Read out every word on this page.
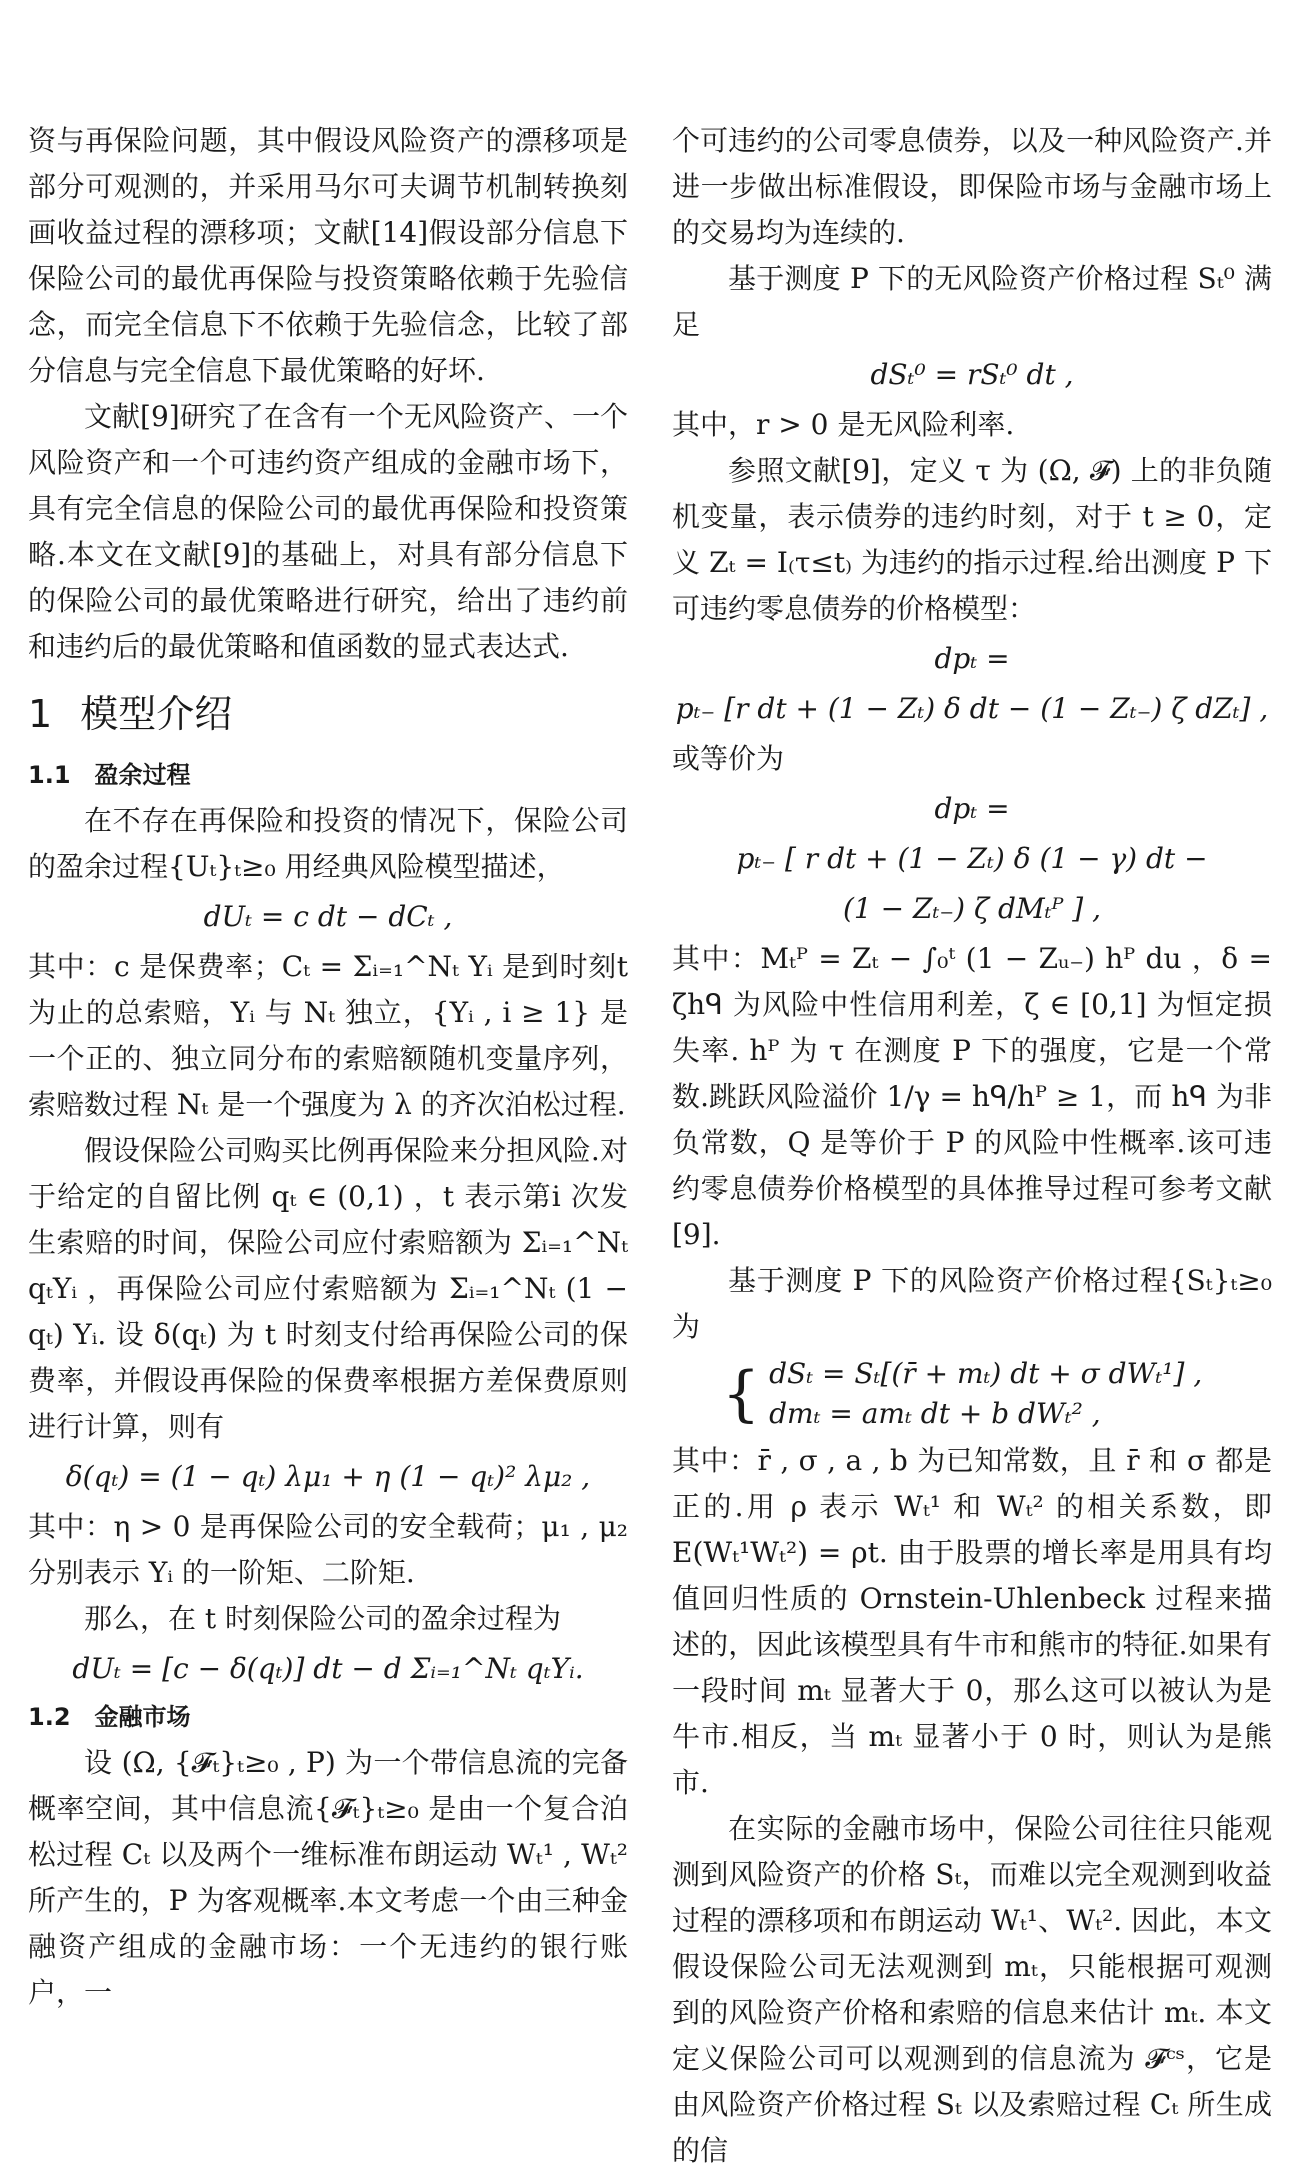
资与再保险问题，其中假设风险资产的漂移项是部分可观测的，并采用马尔可夫调节机制转换刻画收益过程的漂移项；文献[14]假设部分信息下保险公司的最优再保险与投资策略依赖于先验信念，而完全信息下不依赖于先验信念，比较了部分信息与完全信息下最优策略的好坏.

文献[9]研究了在含有一个无风险资产、一个风险资产和一个可违约资产组成的金融市场下，具有完全信息的保险公司的最优再保险和投资策略.本文在文献[9]的基础上，对具有部分信息下的保险公司的最优策略进行研究，给出了违约前和违约后的最优策略和值函数的显式表达式.

1 模型介绍
1.1 盈余过程

在不存在再保险和投资的情况下，保险公司的盈余过程{Uₜ}ₜ≥₀ 用经典风险模型描述，

dUₜ = c dt − dCₜ ,

其中：c 是保费率；Cₜ = Σᵢ₌₁^Nₜ Yᵢ 是到时刻t 为止的总索赔，Yᵢ 与 Nₜ 独立，{Yᵢ , i ≥ 1} 是一个正的、独立同分布的索赔额随机变量序列，索赔数过程 Nₜ 是一个强度为 λ 的齐次泊松过程.

假设保险公司购买比例再保险来分担风险.对于给定的自留比例 qₜ ∈ (0,1) ，t 表示第i 次发生索赔的时间，保险公司应付索赔额为 Σᵢ₌₁^Nₜ qₜYᵢ ，再保险公司应付索赔额为 Σᵢ₌₁^Nₜ (1 − qₜ) Yᵢ. 设 δ(qₜ) 为 t 时刻支付给再保险公司的保费率，并假设再保险的保费率根据方差保费原则进行计算，则有

δ(qₜ) = (1 − qₜ) λμ₁ + η (1 − qₜ)² λμ₂ ,

其中：η > 0 是再保险公司的安全载荷；μ₁ , μ₂ 分别表示 Yᵢ 的一阶矩、二阶矩.

那么，在 t 时刻保险公司的盈余过程为

dUₜ = [c − δ(qₜ)] dt − d Σᵢ₌₁^Nₜ qₜYᵢ.
1.2 金融市场

设 (Ω, {𝓕ₜ}ₜ≥₀ , P) 为一个带信息流的完备概率空间，其中信息流{𝓕ₜ}ₜ≥₀ 是由一个复合泊松过程 Cₜ 以及两个一维标准布朗运动 Wₜ¹ , Wₜ² 所产生的，P 为客观概率.本文考虑一个由三种金融资产组成的金融市场：一个无违约的银行账户，一

个可违约的公司零息债券，以及一种风险资产.并进一步做出标准假设，即保险市场与金融市场上的交易均为连续的.

基于测度 P 下的无风险资产价格过程 Sₜ⁰ 满足

dSₜ⁰ = rSₜ⁰ dt ,

其中，r > 0 是无风险利率.

参照文献[9]，定义 τ 为 (Ω, 𝓕) 上的非负随机变量，表示债券的违约时刻，对于 t ≥ 0，定义 Zₜ = I₍τ≤t₎ 为违约的指示过程.给出测度 P 下可违约零息债券的价格模型：

dpₜ =
pₜ₋ [r dt + (1 − Zₜ) δ dt − (1 − Zₜ₋) ζ dZₜ] ,

或等价为

dpₜ =
pₜ₋ [ r dt + (1 − Zₜ) δ (1 − γ) dt −
(1 − Zₜ₋) ζ dMₜᴾ ] ,

其中：Mₜᴾ = Zₜ − ∫₀ᵗ (1 − Zᵤ₋) hᴾ du ，δ = ζhᑫ 为风险中性信用利差，ζ ∈ [0,1] 为恒定损失率. hᴾ 为 τ 在测度 P 下的强度，它是一个常数.跳跃风险溢价 1/γ = hᑫ/hᴾ ≥ 1，而 hᑫ 为非负常数，Q 是等价于 P 的风险中性概率.该可违约零息债券价格模型的具体推导过程可参考文献[9].

基于测度 P 下的风险资产价格过程{Sₜ}ₜ≥₀ 为

{ dSₜ = Sₜ[(r̄ + mₜ) dt + σ dWₜ¹] ,
dmₜ = amₜ dt + b dWₜ² ,

其中：r̄ , σ , a , b 为已知常数，且 r̄ 和 σ 都是正的.用 ρ 表示 Wₜ¹ 和 Wₜ² 的相关系数，即 E(Wₜ¹Wₜ²) = ρt. 由于股票的增长率是用具有均值回归性质的 Ornstein-Uhlenbeck 过程来描述的，因此该模型具有牛市和熊市的特征.如果有一段时间 mₜ 显著大于 0，那么这可以被认为是牛市.相反，当 mₜ 显著小于 0 时，则认为是熊市.

在实际的金融市场中，保险公司往往只能观测到风险资产的价格 Sₜ，而难以完全观测到收益过程的漂移项和布朗运动 Wₜ¹、Wₜ². 因此，本文假设保险公司无法观测到 mₜ，只能根据可观测到的风险资产价格和索赔的信息来估计 mₜ. 本文定义保险公司可以观测到的信息流为 𝓕ᶜˢ，它是由风险资产价格过程 Sₜ 以及索赔过程 Cₜ 所生成的信
